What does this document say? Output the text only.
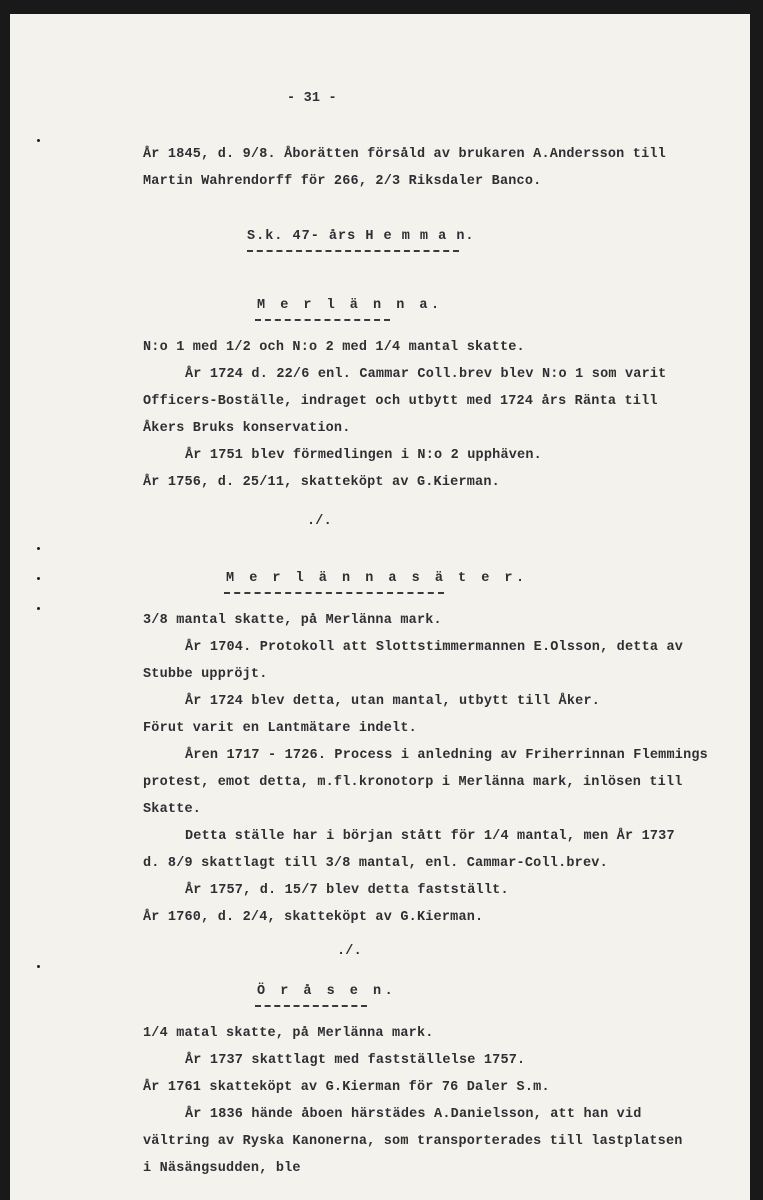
- 31 -
År 1845, d. 9/8. Åborätten försåld av brukaren A.Andersson till
Martin Wahrendorff för 266, 2/3 Riksdaler Banco.
S.k. 47- års H e m m a n.
M e r l ä n n a.
N:o 1 med 1/2 och N:o 2 med 1/4 mantal skatte.
År 1724 d. 22/6 enl. Cammar Coll.brev blev N:o 1 som varit
Officers-Boställe, indraget och utbytt med 1724 års Ränta till
Åkers Bruks konservation.
År 1751 blev förmedlingen i N:o 2 upphäven.
År 1756, d. 25/11, skatteköpt av G.Kierman.
./.
M e r l ä n n a s ä t e r.
3/8 mantal skatte, på Merlänna mark.
År 1704. Protokoll att Slottstimmermannen E.Olsson, detta av
Stubbe uppröjt.
År 1724 blev detta, utan mantal, utbytt till Åker.
Förut varit en Lantmätare indelt.
Åren 1717 - 1726. Process i anledning av Friherrinnan Flemmings
protest, emot detta, m.fl.kronotorp i Merlänna mark, inlösen till
Skatte.
Detta ställe har i början stått för 1/4 mantal, men År 1737
d. 8/9 skattlagt till 3/8 mantal, enl. Cammar-Coll.brev.
År 1757, d. 15/7 blev detta fastställt.
År 1760, d. 2/4, skatteköpt av G.Kierman.
./.
Ö r å s e n.
1/4 matal skatte, på Merlänna mark.
År 1737 skattlagt med fastställelse 1757.
År 1761 skatteköpt av G.Kierman för 76 Daler S.m.
År 1836 hände åboen härstädes A.Danielsson, att han vid
vältring av Ryska Kanonerna, som transporterades till lastplatsen
i Näsängsudden, ble
